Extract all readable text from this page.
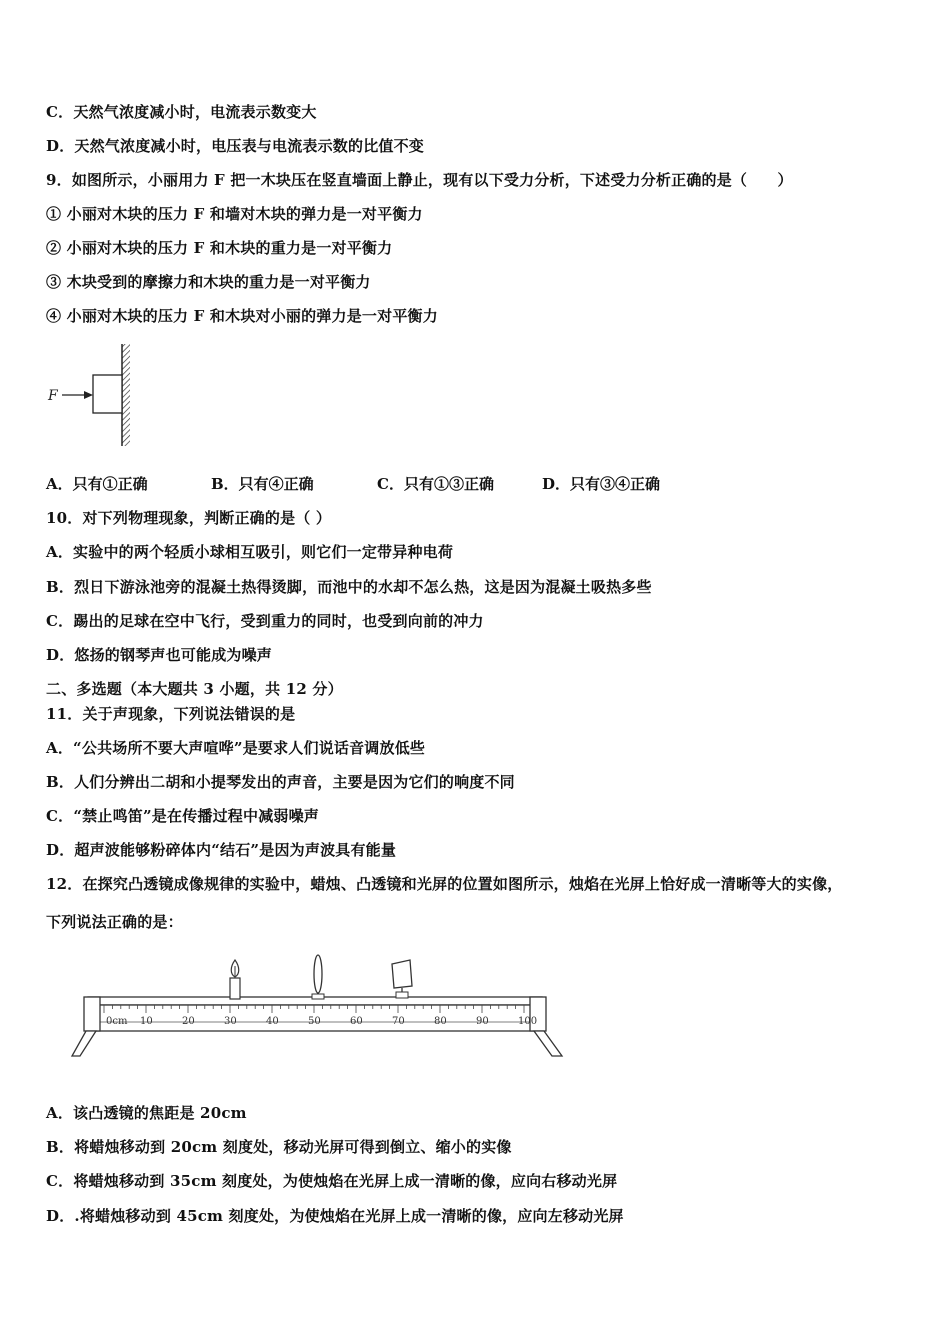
C．天然气浓度减小时，电流表示数变大
D．天然气浓度减小时，电压表与电流表示数的比值不变
9．如图所示，小丽用力 F 把一木块压在竖直墙面上静止，现有以下受力分析，下述受力分析正确的是（　　）
① 小丽对木块的压力 F 和墙对木块的弹力是一对平衡力
② 小丽对木块的压力 F 和木块的重力是一对平衡力
③ 木块受到的摩擦力和木块的重力是一对平衡力
④ 小丽对木块的压力 F 和木块对小丽的弹力是一对平衡力
F
A．只有①正确	B．只有④正确	C．只有①③正确	D．只有③④正确
10．对下列物理现象，判断正确的是（ ）
A．实验中的两个轻质小球相互吸引，则它们一定带异种电荷
B．烈日下游泳池旁的混凝土热得烫脚，而池中的水却不怎么热，这是因为混凝土吸热多些
C．踢出的足球在空中飞行，受到重力的同时，也受到向前的冲力
D．悠扬的钢琴声也可能成为噪声
二、多选题（本大题共 3 小题，共 12 分）
11．关于声现象，下列说法错误的是
A．“公共场所不要大声喧哗”是要求人们说话音调放低些
B．人们分辨出二胡和小提琴发出的声音，主要是因为它们的响度不同
C．“禁止鸣笛”是在传播过程中减弱噪声
D．超声波能够粉碎体内“结石”是因为声波具有能量
12．在探究凸透镜成像规律的实验中，蜡烛、凸透镜和光屏的位置如图所示，烛焰在光屏上恰好成一清晰等大的实像，
下列说法正确的是：
0cm 10	20	30	40	50	60	70	80	90	100
A．该凸透镜的焦距是 20cm
B．将蜡烛移动到 20cm 刻度处，移动光屏可得到倒立、缩小的实像
C．将蜡烛移动到 35cm 刻度处，为使烛焰在光屏上成一清晰的像，应向右移动光屏
D．.将蜡烛移动到 45cm 刻度处，为使烛焰在光屏上成一清晰的像，应向左移动光屏
